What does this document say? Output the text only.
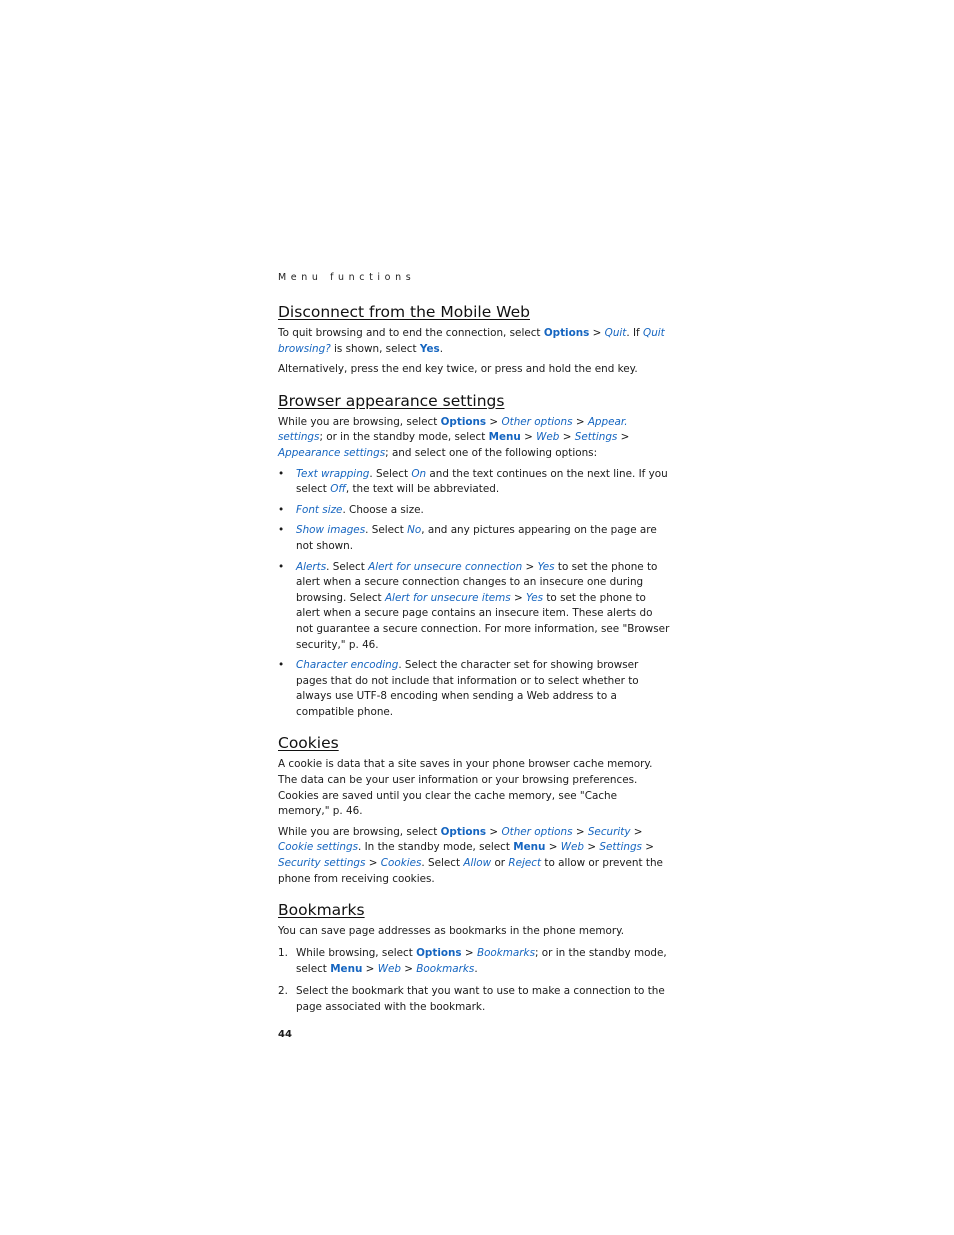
Menu functions
Disconnect from the Mobile Web

To quit browsing and to end the connection, select Options > Quit. If Quit browsing? is shown, select Yes.

Alternatively, press the end key twice, or press and hold the end key.

Browser appearance settings

While you are browsing, select Options > Other options > Appear. settings; or in the standby mode, select Menu > Web > Settings > Appearance settings; and select one of the following options:

• Text wrapping. Select On and the text continues on the next line. If you select Off, the text will be abbreviated.
• Font size. Choose a size.
• Show images. Select No, and any pictures appearing on the page are not shown.
• Alerts. Select Alert for unsecure connection > Yes to set the phone to alert when a secure connection changes to an insecure one during browsing. Select Alert for unsecure items > Yes to set the phone to alert when a secure page contains an insecure item. These alerts do not guarantee a secure connection. For more information, see "Browser security," p. 46.
• Character encoding. Select the character set for showing browser pages that do not include that information or to select whether to always use UTF-8 encoding when sending a Web address to a compatible phone.
Cookies

A cookie is data that a site saves in your phone browser cache memory. The data can be your user information or your browsing preferences. Cookies are saved until you clear the cache memory, see "Cache memory," p. 46.

While you are browsing, select Options > Other options > Security > Cookie settings. In the standby mode, select Menu > Web > Settings > Security settings > Cookies. Select Allow or Reject to allow or prevent the phone from receiving cookies.

Bookmarks

You can save page addresses as bookmarks in the phone memory.

1. While browsing, select Options > Bookmarks; or in the standby mode, select Menu > Web > Bookmarks.
2. Select the bookmark that you want to use to make a connection to the page associated with the bookmark.
44
